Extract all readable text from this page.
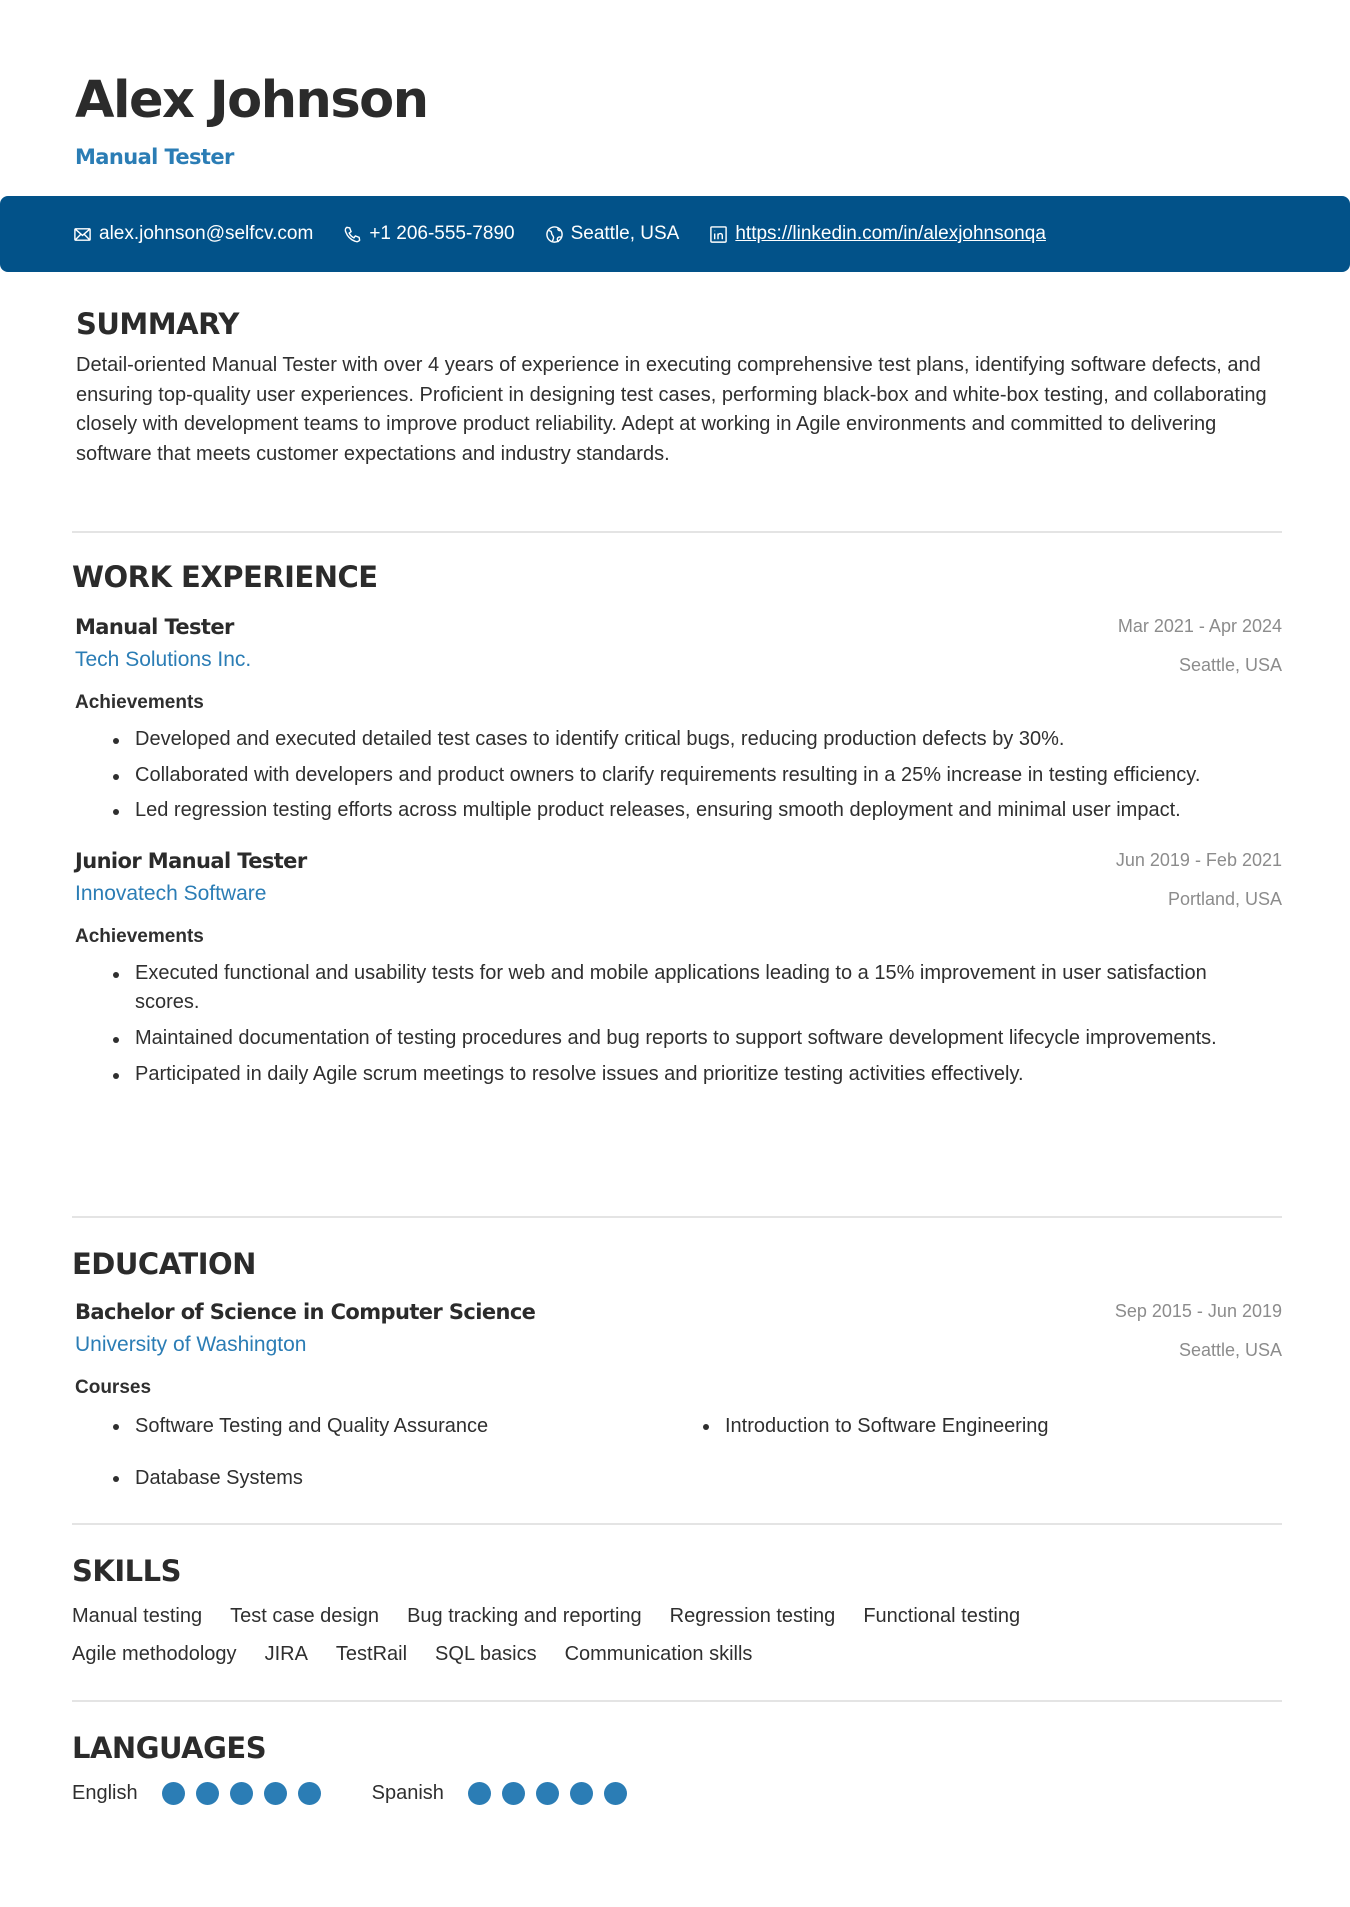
Alex Johnson
Manual Tester
alex.johnson@selfcv.com	+1 206-555-7890	Seattle, USA	https://linkedin.com/in/alexjohnsonqa
SUMMARY

Detail-oriented Manual Tester with over 4 years of experience in executing comprehensive test plans, identifying software defects, and ensuring top-quality user experiences. Proficient in designing test cases, performing black-box and white-box testing, and collaborating closely with development teams to improve product reliability. Adept at working in Agile environments and committed to delivering software that meets customer expectations and industry standards.

WORK EXPERIENCE
Manual Tester
Tech Solutions Inc.
Mar 2021 - Apr 2024
Seattle, USA
Achievements
Developed and executed detailed test cases to identify critical bugs, reducing production defects by 30%.
Collaborated with developers and product owners to clarify requirements resulting in a 25% increase in testing efficiency.
Led regression testing efforts across multiple product releases, ensuring smooth deployment and minimal user impact.
Junior Manual Tester
Innovatech Software
Jun 2019 - Feb 2021
Portland, USA
Achievements
Executed functional and usability tests for web and mobile applications leading to a 15% improvement in user satisfaction scores.
Maintained documentation of testing procedures and bug reports to support software development lifecycle improvements.
Participated in daily Agile scrum meetings to resolve issues and prioritize testing activities effectively.
EDUCATION
Bachelor of Science in Computer Science
University of Washington
Sep 2015 - Jun 2019
Seattle, USA
Courses
Software Testing and Quality Assurance	Introduction to Software Engineering
Database Systems
SKILLS
Manual testing Test case design Bug tracking and reporting Regression testing Functional testing
Agile methodology JIRA TestRail SQL basics Communication skills
LANGUAGES
English	Spanish
